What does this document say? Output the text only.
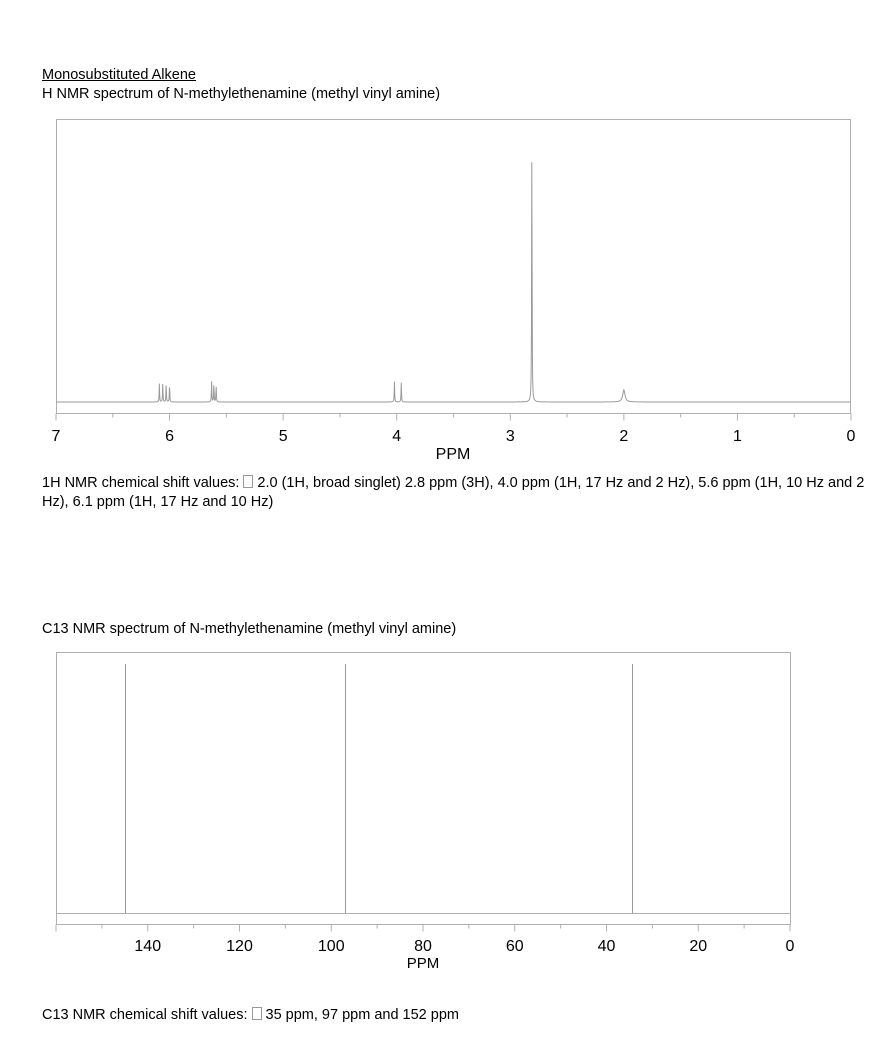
Monosubstituted Alkene
H NMR spectrum of N-methylethenamine (methyl vinyl amine)
7	6	5	4	3	2	1	0
PPM
1H NMR chemical shift values: 2.0 (1H, broad singlet) 2.8 ppm (3H), 4.0 ppm (1H, 17 Hz and 2 Hz), 5.6 ppm (1H, 10 Hz and 2 Hz), 6.1 ppm (1H, 17 Hz and 10 Hz)
C13 NMR spectrum of N-methylethenamine (methyl vinyl amine)
140	120	100	80	60	40	20	0
PPM
C13 NMR chemical shift values: 35 ppm, 97 ppm and 152 ppm
